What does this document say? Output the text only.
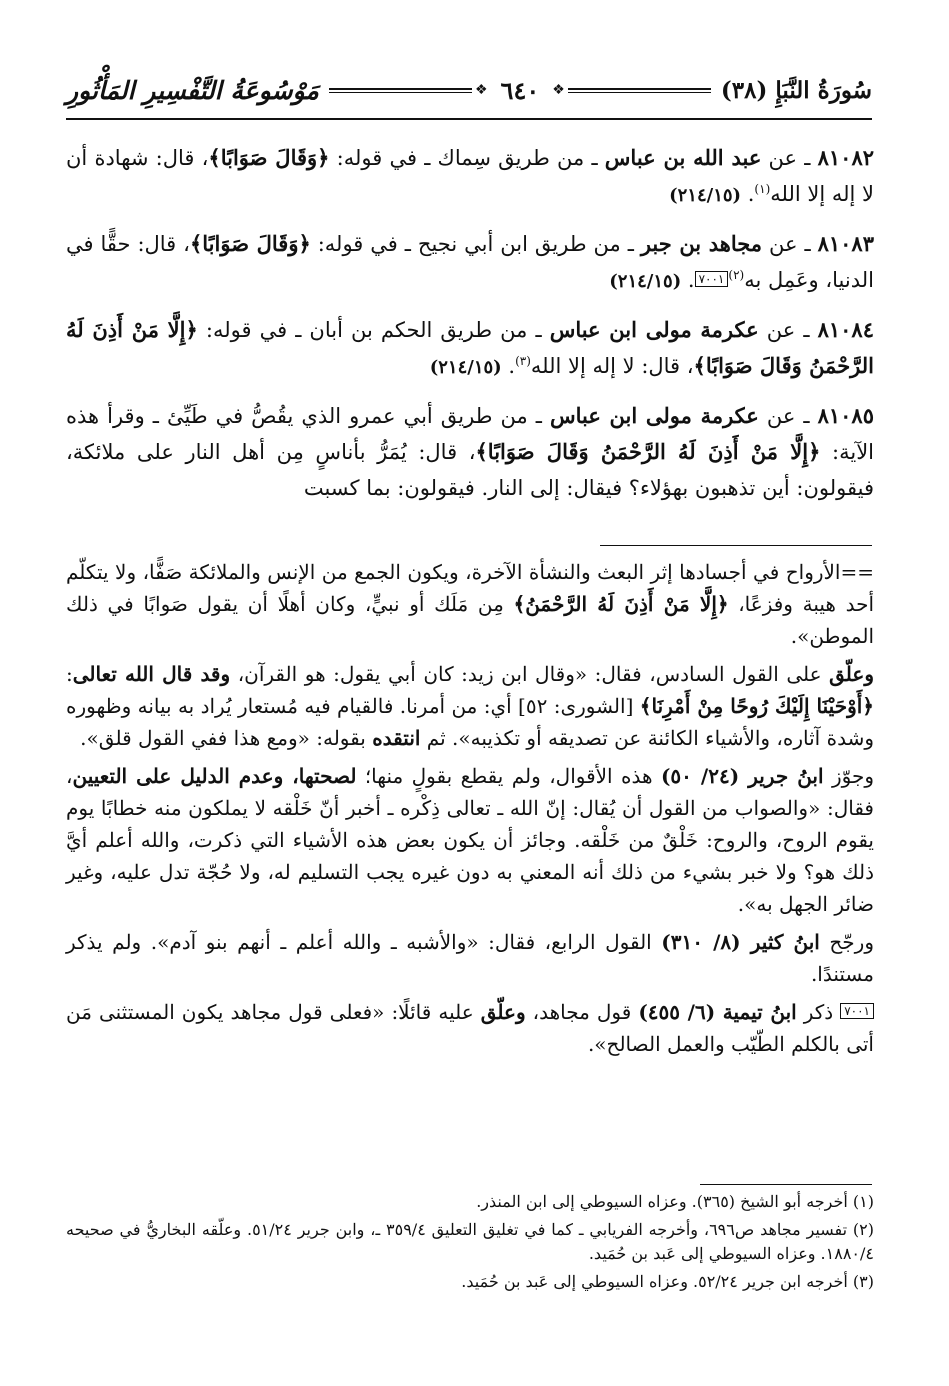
سُورَةُ النَّبَإِ (٣٨)
❖
٦٤٠
❖
مَوْسُوعَةُ التَّفْسِيرِ المَأْثُورِ

٨١٠٨٢ ـ عن عبد الله بن عباس ـ من طريق سِماك ـ في قوله: ﴿وَقَالَ صَوَابًا﴾، قال: شهادة أن لا إله إلا الله$^{(١)}$. (٢١٤/١٥)

٨١٠٨٣ ـ عن مجاهد بن جبر ـ من طريق ابن أبي نجيح ـ في قوله: ﴿وَقَالَ صَوَابًا﴾، قال: حقًّا في الدنيا، وعَمِل به$^{(٢)}$٧٠٠١. (٢١٤/١٥)

٨١٠٨٤ ـ عن عكرمة مولى ابن عباس ـ من طريق الحكم بن أبان ـ في قوله: ﴿إِلَّا مَنْ أَذِنَ لَهُ الرَّحْمَنُ وَقَالَ صَوَابًا﴾، قال: لا إله إلا الله$^{(٣)}$. (٢١٤/١٥)

٨١٠٨٥ ـ عن عكرمة مولى ابن عباس ـ من طريق أبي عمرو الذي يقُصُّ في طَيِّئ ـ وقرأ هذه الآية: ﴿إِلَّا مَنْ أَذِنَ لَهُ الرَّحْمَنُ وَقَالَ صَوَابًا﴾، قال: يُمَرُّ بأناسٍ مِن أهل النار على ملائكة، فيقولون: أين تذهبون بهؤلاء؟ فيقال: إلى النار. فيقولون: بما كسبت

==الأرواح في أجسادها إثر البعث والنشأة الآخرة، ويكون الجمع من الإنس والملائكة صَفًّا، ولا يتكلّم أحد هيبة وفزعًا، ﴿إِلَّا مَنْ أَذِنَ لَهُ الرَّحْمَنُ﴾ مِن مَلَك أو نبيٍّ، وكان أهلًا أن يقول صَوابًا في ذلك الموطن».

وعلّق على القول السادس، فقال: «وقال ابن زيد: كان أبي يقول: هو القرآن، وقد قال الله تعالى: ﴿أَوْحَيْنَا إِلَيْكَ رُوحًا مِنْ أَمْرِنَا﴾ [الشورى: ٥٢] أي: من أمرنا. فالقيام فيه مُستعار يُراد به بيانه وظهوره وشدة آثاره، والأشياء الكائنة عن تصديقه أو تكذيبه». ثم انتقده بقوله: «ومع هذا ففي القول قلق».

وجوّز ابنُ جرير (٢٤/ ٥٠) هذه الأقوال، ولم يقطع بقولٍ منها؛ لصحتها، وعدم الدليل على التعيين، فقال: «والصواب من القول أن يُقال: إنّ الله ـ تعالى ذِكْره ـ أخبر أنّ خَلْقه لا يملكون منه خطابًا يوم يقوم الروح، والروح: خَلْقٌ من خَلْقه. وجائز أن يكون بعض هذه الأشياء التي ذكرت، والله أعلم أيَّ ذلك هو؟ ولا خبر بشيء من ذلك أنه المعني به دون غيره يجب التسليم له، ولا حُجّة تدل عليه، وغير ضائر الجهل به».

ورجّح ابنُ كثير (٨/ ٣١٠) القول الرابع، فقال: «والأشبه ـ والله أعلم ـ أنهم بنو آدم». ولم يذكر مستندًا.

٧٠٠١ ذكر ابنُ تيمية (٦/ ٤٥٥) قول مجاهد، وعلّق عليه قائلًا: «فعلى قول مجاهد يكون المستثنى مَن أتى بالكلم الطّيّب والعمل الصالح».

(١) أخرجه أبو الشيخ (٣٦٥). وعزاه السيوطي إلى ابن المنذر.

(٢) تفسير مجاهد ص٦٩٦، وأخرجه الفريابي ـ كما في تغليق التعليق ٣٥٩/٤ ـ، وابن جرير ٥١/٢٤. وعلّقه البخاريُّ في صحيحه ١٨٨٠/٤. وعزاه السيوطي إلى عَبد بن حُمَيد.

(٣) أخرجه ابن جرير ٥٢/٢٤. وعزاه السيوطي إلى عَبد بن حُمَيد.
